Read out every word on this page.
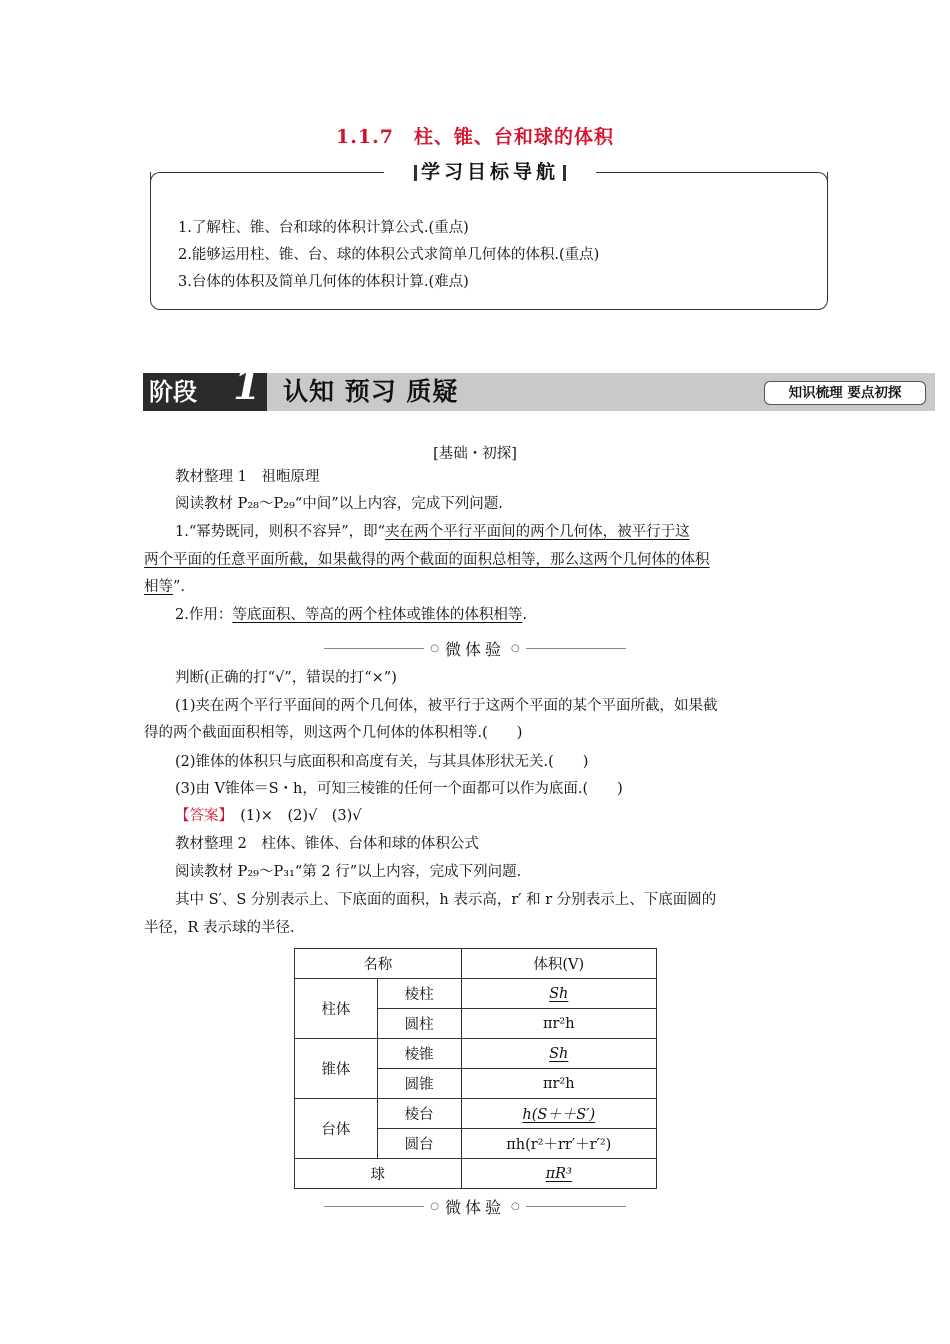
1.1.7　柱、锥、台和球的体积
学习目标导航
1.了解柱、锥、台和球的体积计算公式.(重点)
2.能够运用柱、锥、台、球的体积公式求简单几何体的体积.(重点)
3.台体的体积及简单几何体的体积计算.(难点)
阶段 1 认知 预习 质疑	知识梳理 要点初探
[基础・初探]
教材整理 1　祖暅原理
阅读教材 P₂₈～P₂₉“中间”以上内容，完成下列问题.
1.“幂势既同，则积不容异”，即“夹在两个平行平面间的两个几何体，被平行于这
两个平面的任意平面所截，如果截得的两个截面的面积总相等，那么这两个几何体的体积
相等”.
2.作用：等底面积、等高的两个柱体或锥体的体积相等.
○ 微体验 ○
判断(正确的打“√”，错误的打“×”)
(1)夹在两个平行平面间的两个几何体，被平行于这两个平面的某个平面所截，如果截
得的两个截面面积相等，则这两个几何体的体积相等.(　　)
(2)锥体的体积只与底面积和高度有关，与其具体形状无关.(　　)
(3)由 V锥体＝S・h，可知三棱锥的任何一个面都可以作为底面.(　　)
【答案】　(1)×　(2)√　(3)√
教材整理 2　柱体、锥体、台体和球的体积公式
阅读教材 P₂₉～P₃₁“第 2 行”以上内容，完成下列问题.
其中 S′、S 分别表示上、下底面的面积，h 表示高，r′ 和 r 分别表示上、下底面圆的
半径，R 表示球的半径.
名称		体积(V)
柱体	棱柱	Sh
	圆柱	πr²h
锥体	棱锥	Sh
	圆锥	πr²h
台体	棱台	h(S＋＋S′)
	圆台	πh(r²＋rr′＋r′²)
球		πR³
○ 微体验 ○
